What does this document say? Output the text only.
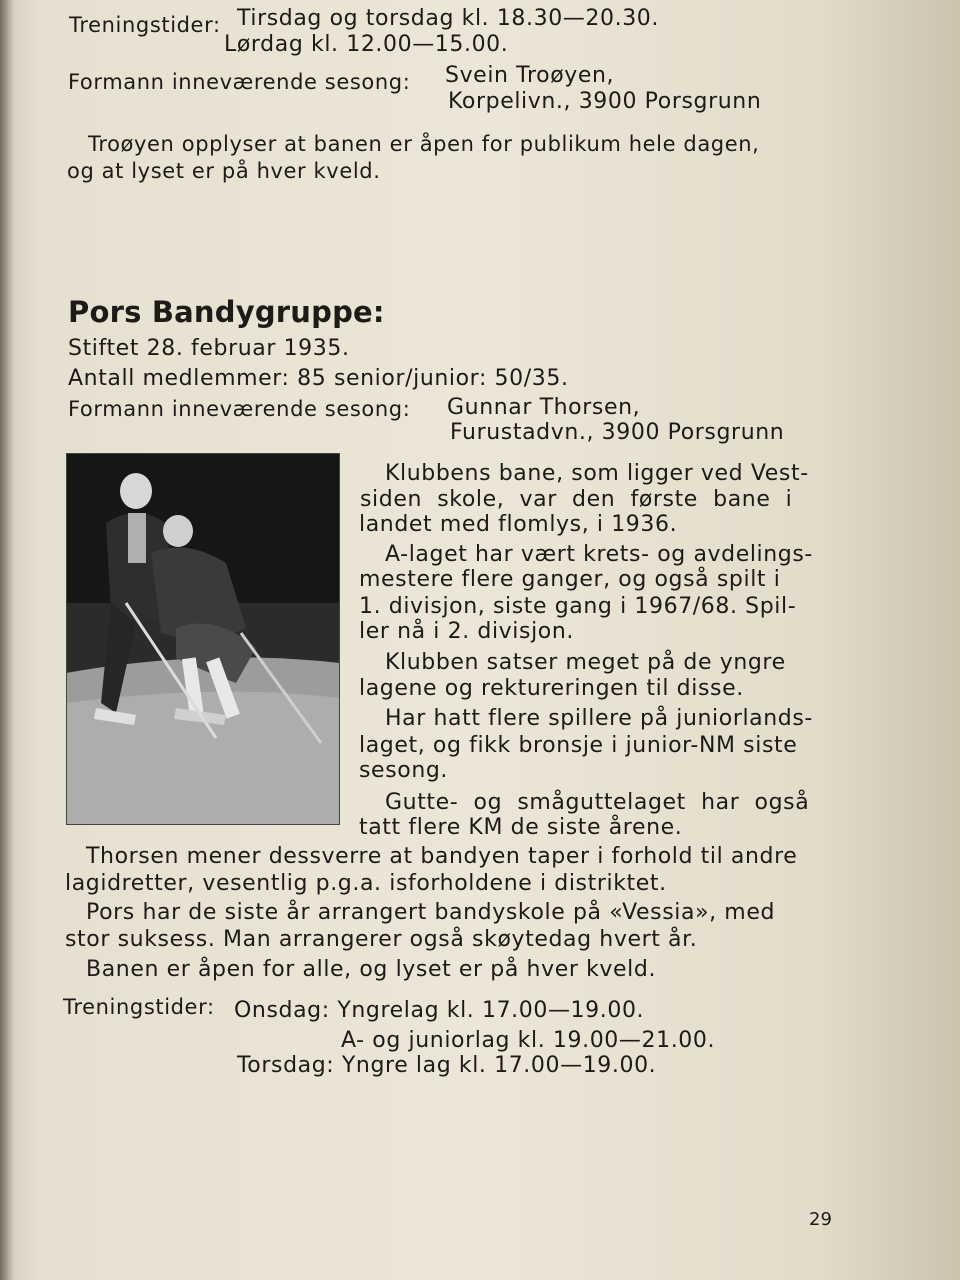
Treningstider: Tirsdag og torsdag kl. 18.30—20.30.
Lørdag kl. 12.00—15.00.
Formann inneværende sesong: Svein Troøyen,
Korpelivn., 3900 Porsgrunn
Troøyen opplyser at banen er åpen for publikum hele dagen,
og at lyset er på hver kveld.
Pors Bandygruppe:
Stiftet 28. februar 1935.
Antall medlemmer: 85 senior/junior: 50/35.
Formann inneværende sesong: Gunnar Thorsen,
Furustadvn., 3900 Porsgrunn
Klubbens bane, som ligger ved Vest-
siden  skole,  var  den  første  bane  i
landet med flomlys, i 1936.
A-laget har vært krets- og avdelings-
mestere flere ganger, og også spilt i
1. divisjon, siste gang i 1967/68. Spil-
ler nå i 2. divisjon.
Klubben satser meget på de yngre
lagene og rektureringen til disse.
Har hatt flere spillere på juniorlands-
laget, og fikk bronsje i junior-NM siste
sesong.
Gutte-  og  småguttelaget  har  også
tatt flere KM de siste årene.
Thorsen mener dessverre at bandyen taper i forhold til andre
lagidretter, vesentlig p.g.a. isforholdene i distriktet.
Pors har de siste år arrangert bandyskole på «Vessia», med
stor suksess. Man arrangerer også skøytedag hvert år.
Banen er åpen for alle, og lyset er på hver kveld.
Treningstider: Onsdag: Yngrelag kl. 17.00—19.00.
A- og juniorlag kl. 19.00—21.00.
Torsdag: Yngre lag kl. 17.00—19.00.
29
